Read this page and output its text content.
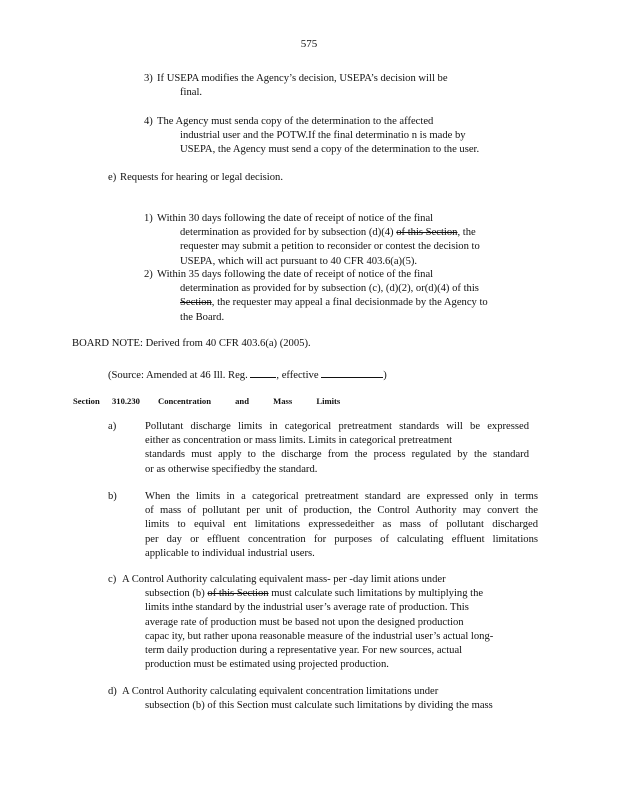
575
3) If USEPA modifies the Agency’s decision, USEPA’s decision will be
final.
4) The Agency must senda copy of the determination to the affected
industrial user and the POTW.If the final determinatio n is made by
USEPA, the Agency must send a copy of the determination to the user.
e) Requests for hearing or legal decision.
1) Within 30 days following the date of receipt of notice of the final
determination as provided for by subsection (d)(4) of this Section, the
requester may submit a petition to reconsider or contest the decision to
USEPA, which will act pursuant to 40 CFR 403.6(a)(5).
2) Within 35 days following the date of receipt of notice of the final
determination as provided for by subsection (c), (d)(2), or(d)(4) of this
Section, the requester may appeal a final decisionmade by the Agency to
the Board.
BOARD NOTE: Derived from 40 CFR 403.6(a) (2005).
(Source: Amended at 46 Ill. Reg.	, effective	)
Section 310.230 Concentration and Mass Limits
a)	Pollutant discharge limits in categorical pretreatment standards will be expressed
either as concentration or mass limits. Limits in categorical pretreatment
standards must apply to the discharge from the process regulated by the standard
or as otherwise specifiedby the standard.
b)	When the limits in a categorical pretreatment standard are expressed only in terms
of mass of pollutant per unit of production, the Control Authority may convert the
limits to equival ent limitations expressedeither as mass of pollutant discharged
per day or effluent concentration for purposes of calculating effluent limitations
applicable to individual industrial users.
c) A Control Authority calculating equivalent mass- per -day limit ations under
subsection (b) of this Section must calculate such limitations by multiplying the
limits inthe standard by the industrial user’s average rate of production. This
average rate of production must be based not upon the designed production
capac ity, but rather upona reasonable measure of the industrial user’s actual long-
term daily production during a representative year. For new sources, actual
production must be estimated using projected production.
d) A Control Authority calculating equivalent concentration limitations under
subsection (b) of this Section must calculate such limitations by dividing the mass
